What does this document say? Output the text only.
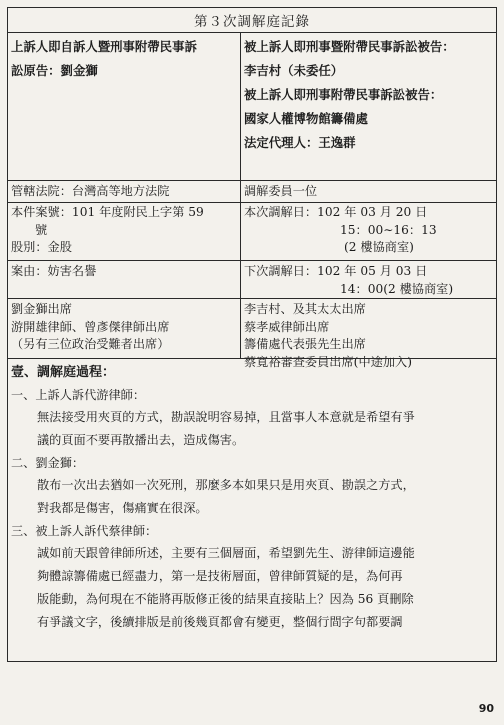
第３次調解庭記錄
上訴人即自訴人暨刑事附帶民事訴
訟原告：劉金獅
被上訴人即刑事暨附帶民事訴訟被告：
李吉村（未委任）
被上訴人即刑事附帶民事訴訟被告：
國家人權博物館籌備處
法定代理人：王逸群
管轄法院：台灣高等地方法院	調解委員一位
本件案號：101 年度附民上字第 59
號
股別：金股
本次調解日：102 年 03 月 20 日
15：00∼16：13
(2 樓協商室)
案由：妨害名譽	下次調解日：102 年 05 月 03 日
14：00(2 樓協商室)
劉金獅出席
游開雄律師、曾彥傑律師出席
（另有三位政治受難者出席）
李吉村、及其太太出席
蔡孝威律師出席
籌備處代表張先生出席
蔡寬裕審查委員出席(中途加入)
壹、調解庭過程：
一、上訴人訴代游律師：
無法接受用夾頁的方式，勘誤說明容易掉，且當事人本意就是希望有爭
議的頁面不要再散播出去，造成傷害。
二、劉金獅：
散布一次出去猶如一次死刑，那麼多本如果只是用夾頁、勘誤之方式，
對我都是傷害，傷痛實在很深。
三、被上訴人訴代蔡律師：
誠如前天跟曾律師所述，主要有三個層面，希望劉先生、游律師這邊能
夠體諒籌備處已經盡力，第一是技術層面，曾律師質疑的是，為何再
版能動，為何現在不能將再版修正後的結果直接貼上？因為 56 頁刪除
有爭議文字，後續排版是前後幾頁都會有變更，整個行間字句都要調
90
